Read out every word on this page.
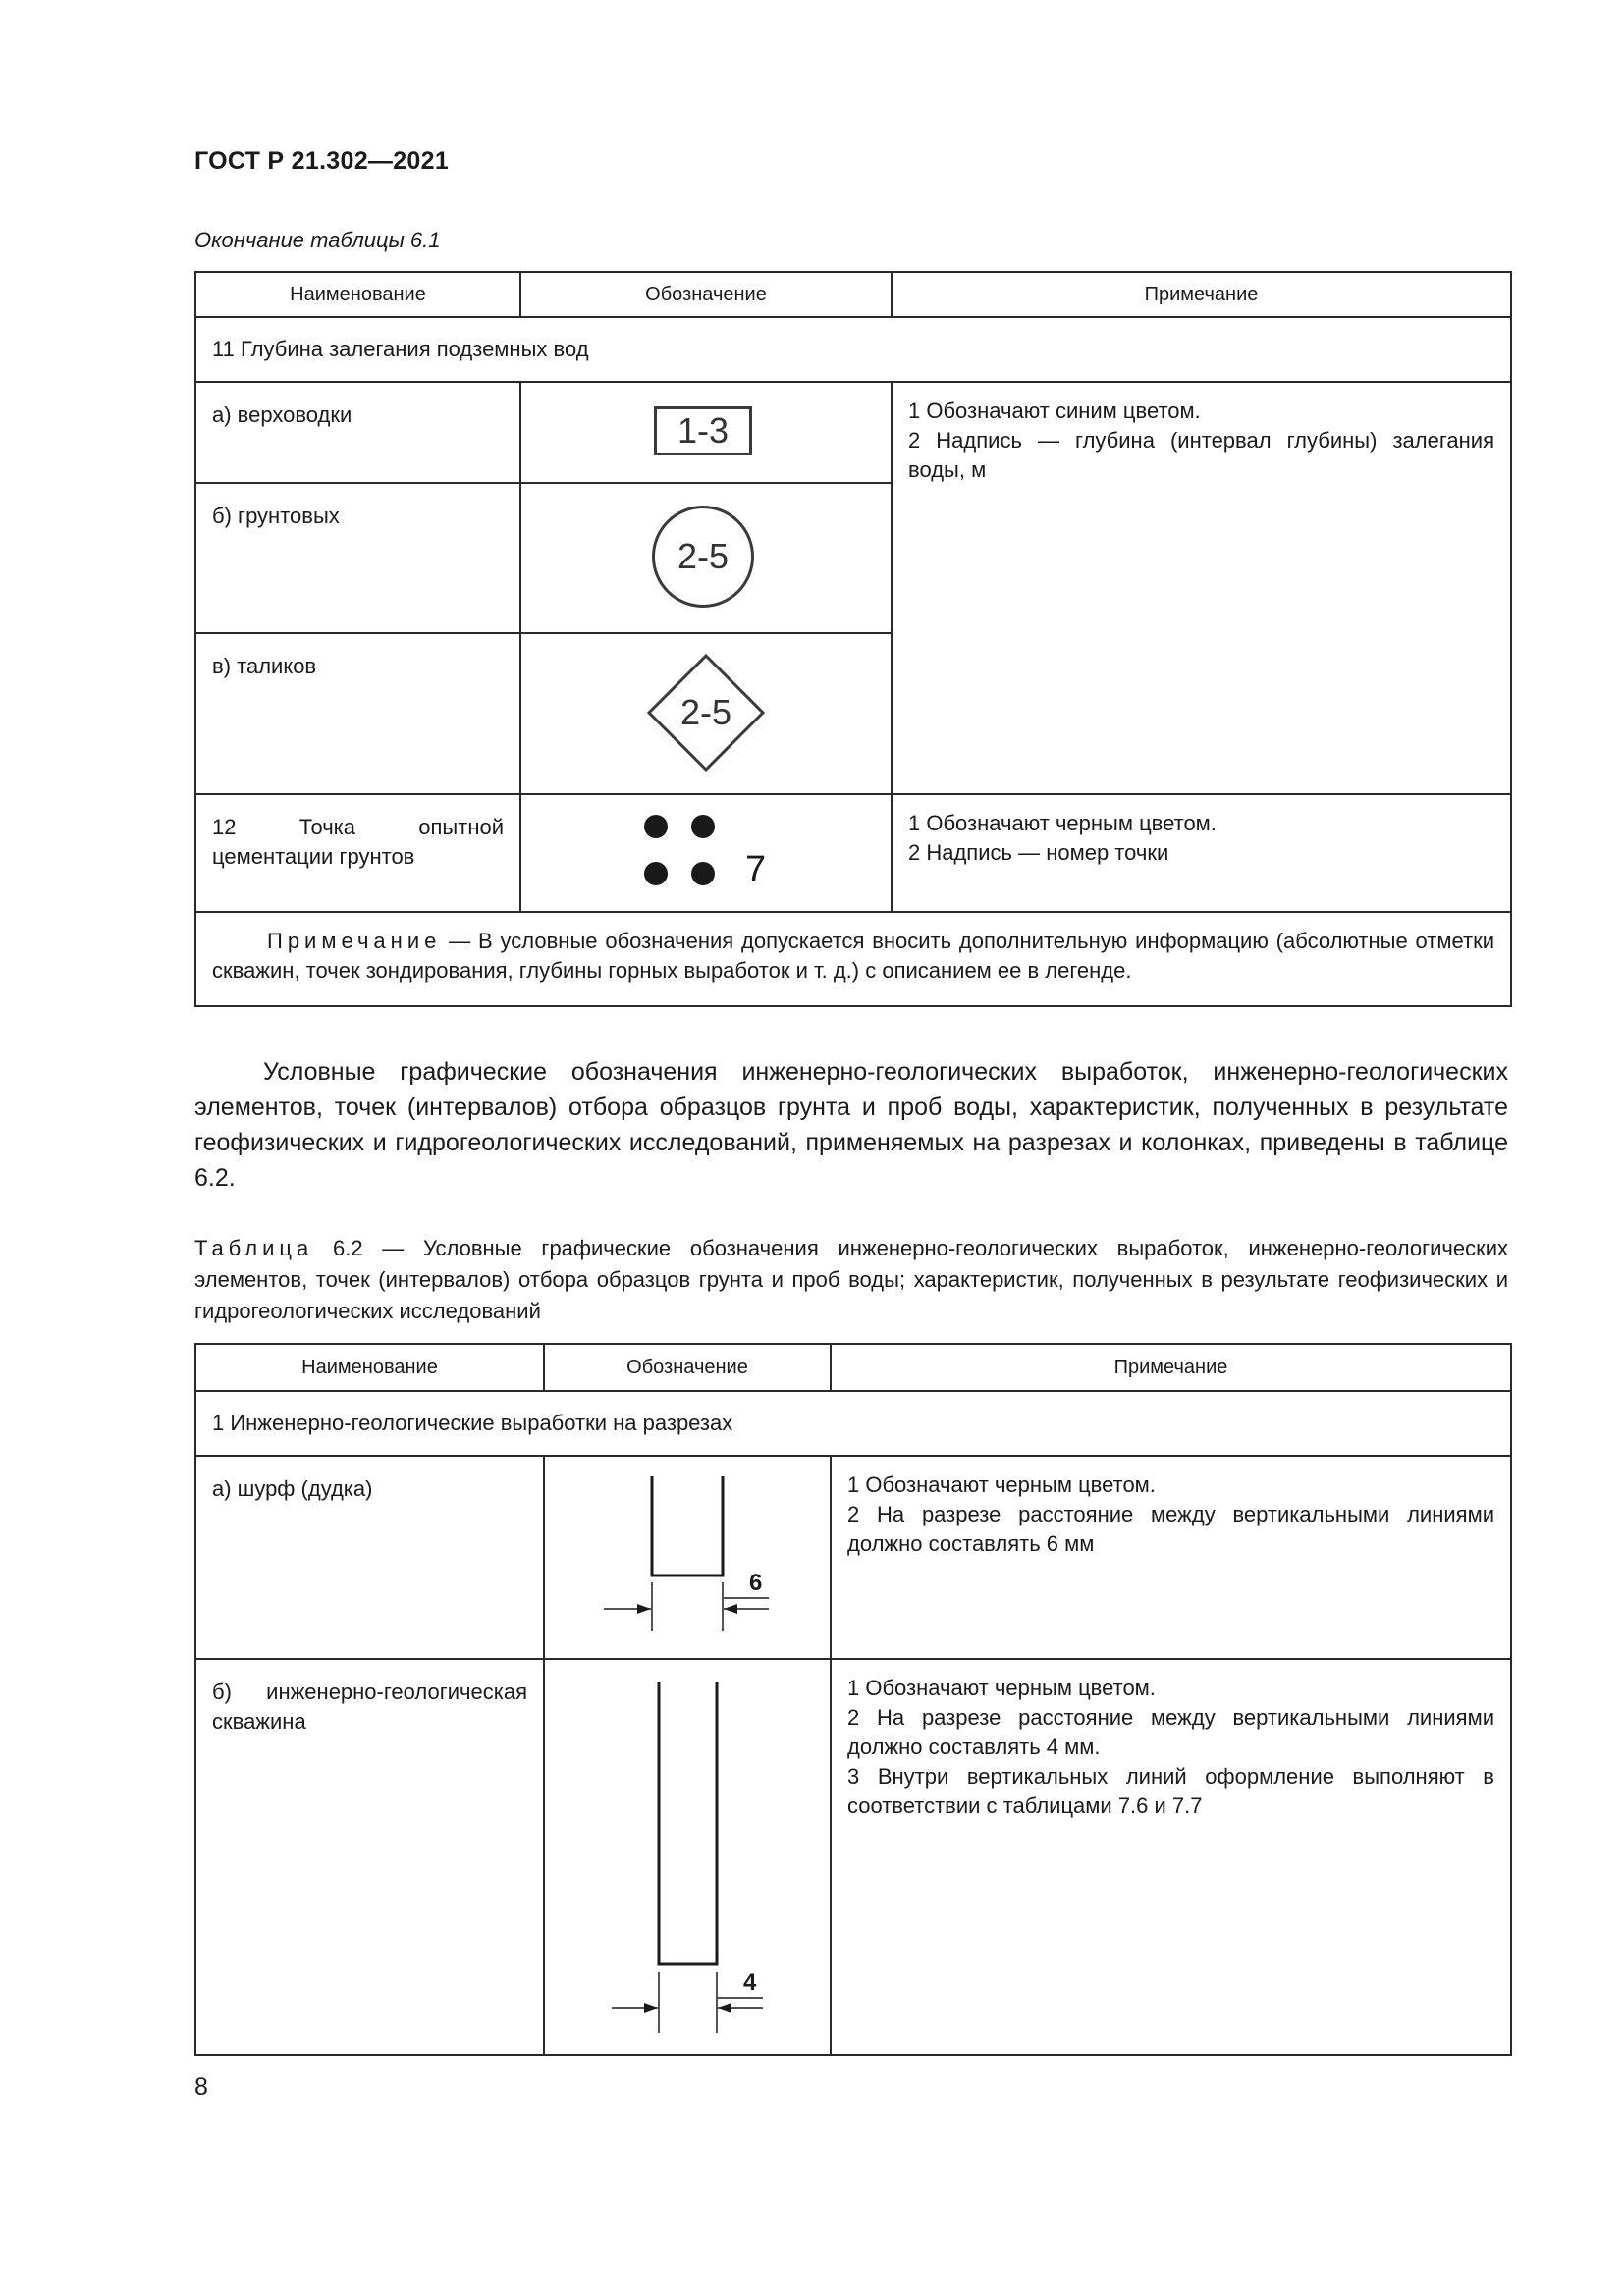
ГОСТ Р 21.302—2021
Окончание таблицы 6.1
Наименование	Обозначение	Примечание
11 Глубина залегания подземных вод		

а) верховодки	1-3	1 Обозначают синим цветом.

2 Надпись — глубина (интервал глубины) залегания воды, м

б) грунтовых	2-5	

в) таликов	2-5	

12 Точка опытной цементации грунтов	7	1 Обозначают черным цветом.

2 Надпись — номер точки

Примечание — В условные обозначения допускается вносить дополнительную информацию (абсолютные отметки скважин, точек зондирования, глубины горных выработок и т. д.) с описанием ее в легенде.		

Условные графические обозначения инженерно-геологических выработок, инженерно-геологических элементов, точек (интервалов) отбора образцов грунта и проб воды, характеристик, полученных в результате геофизических и гидрогеологических исследований, применяемых на разрезах и колонках, приведены в таблице 6.2.

Таблица 6.2 — Условные графические обозначения инженерно-геологических выработок, инженерно-геологических элементов, точек (интервалов) отбора образцов грунта и проб воды; характеристик, полученных в результате геофизических и гидрогеологических исследований
Наименование	Обозначение	Примечание
1 Инженерно-геологические выработки на разрезах		

а) шурф (дудка)	6	1 Обозначают черным цветом.

2 На разрезе расстояние между вертикальными линиями должно составлять 6 мм

б) инженерно-геологическая скважина	4	1 Обозначают черным цветом.

2 На разрезе расстояние между вертикальными линиями должно составлять 4 мм.

3 Внутри вертикальных линий оформление выполняют в соответствии с таблицами 7.6 и 7.7

8
